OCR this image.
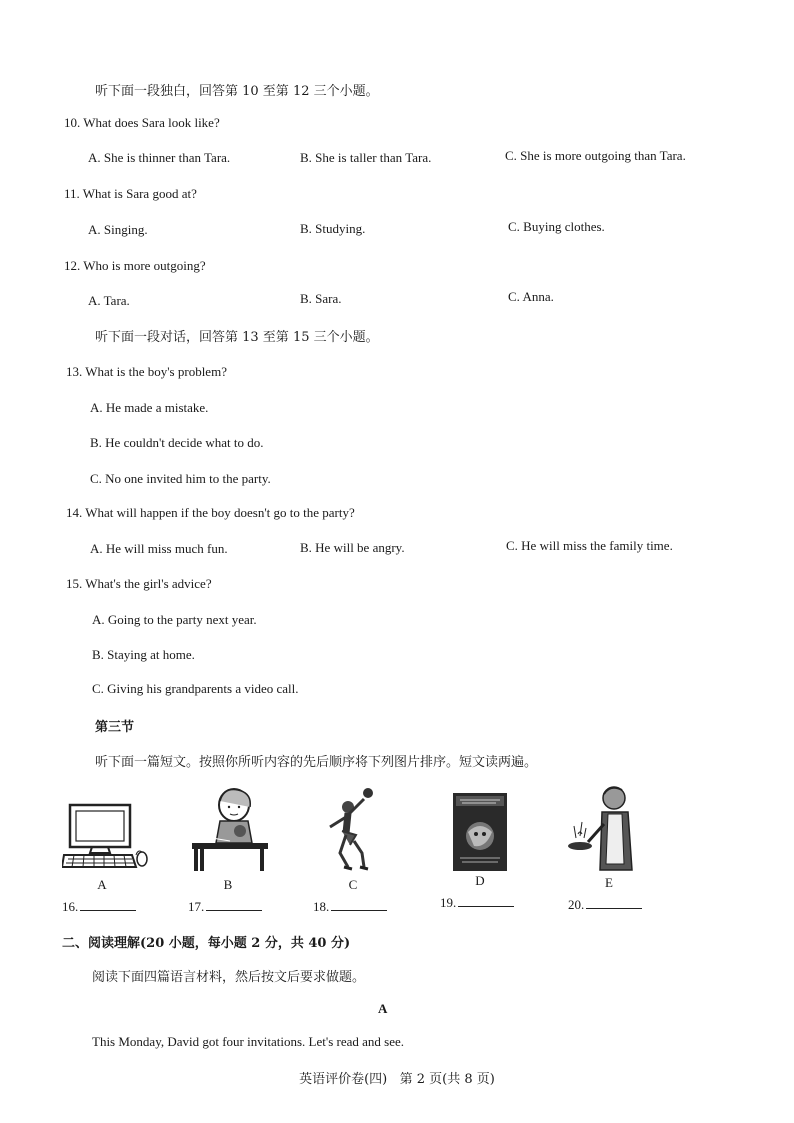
听下面一段独白，回答第 10 至第 12 三个小题。
10. What does Sara look like?
A. She is thinner than Tara.	B. She is taller than Tara.	C. She is more outgoing than Tara.
11. What is Sara good at?
A. Singing.	B. Studying.	C. Buying clothes.
12. Who is more outgoing?
A. Tara.	B. Sara.	C. Anna.
听下面一段对话，回答第 13 至第 15 三个小题。
13. What is the boy's problem?
A. He made a mistake.
B. He couldn't decide what to do.
C. No one invited him to the party.
14. What will happen if the boy doesn't go to the party?
A. He will miss much fun.	B. He will be angry.	C. He will miss the family time.
15. What's the girl's advice?
A. Going to the party next year.
B. Staying at home.
C. Giving his grandparents a video call.
第三节
听下面一篇短文。按照你所听内容的先后顺序将下列图片排序。短文读两遍。
A	B	C	D	E
16.	17.	18.	19.	20.
二、阅读理解(20 小题，每小题 2 分，共 40 分)
阅读下面四篇语言材料，然后按文后要求做题。
A
This Monday, David got four invitations. Let's read and see.
英语评价卷(四)   第 2 页(共 8 页)
